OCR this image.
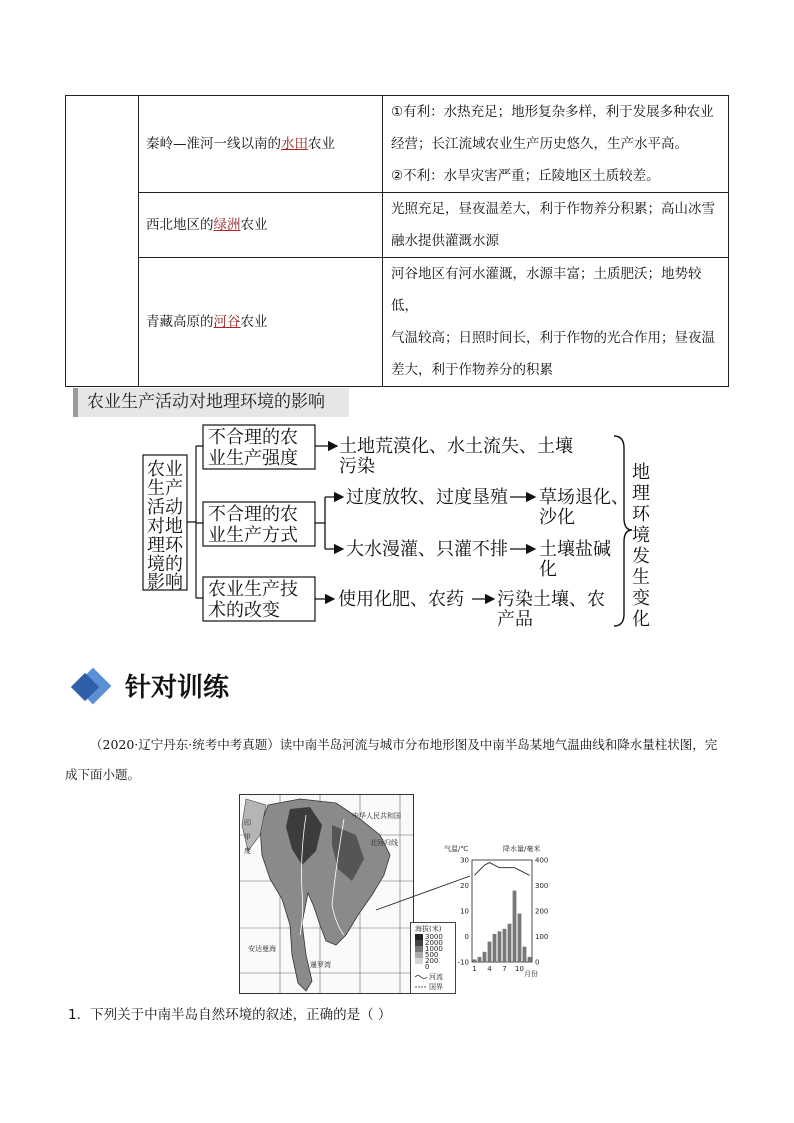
	秦岭—淮河一线以南的水田农业	①有利：水热充足；地形复杂多样，利于发展多种农业
经营；长江流域农业生产历史悠久，生产水平高。
②不利：水旱灾害严重；丘陵地区土质较差。

	西北地区的绿洲农业	光照充足，昼夜温差大，利于作物养分积累；高山冰雪
融水提供灌溉水源

	青藏高原的河谷农业	河谷地区有河水灌溉，水源丰富；土质肥沃；地势较低，
气温较高；日照时间长，利于作物的光合作用；昼夜温
差大，利于作物养分的积累
农业生产活动对地理环境的影响
农业
生产
活动
对地
理环
境的
影响
不合理的农
业生产强度
不合理的农
业生产方式
农业生产技
术的改变
土地荒漠化、水土流失、土壤
污染
过度放牧、过度垦殖
大水漫灌、只灌不排
草场退化、
沙化
土壤盐碱
化
使用化肥、农药 污染土壤、农
产品
地
理
环
境
发
生
变
化
针对训练

（2020·辽宁丹东·统考中考真题）读中南半岛河流与城市分布地形图及中南半岛某地气温曲线和降水量柱状图，完成下面小题。

中华人民共和国
北回归线
安达曼海
暹罗湾
印
甲
度
海拔(米)
3000
2000
1000
500
200
0
河流
国界
气温/℃	降水量/毫米
30
20
10
0
-10
400
300
200
100
0
1 4 7 10
月份
1．下列关于中南半岛自然环境的叙述，正确的是（ ）
